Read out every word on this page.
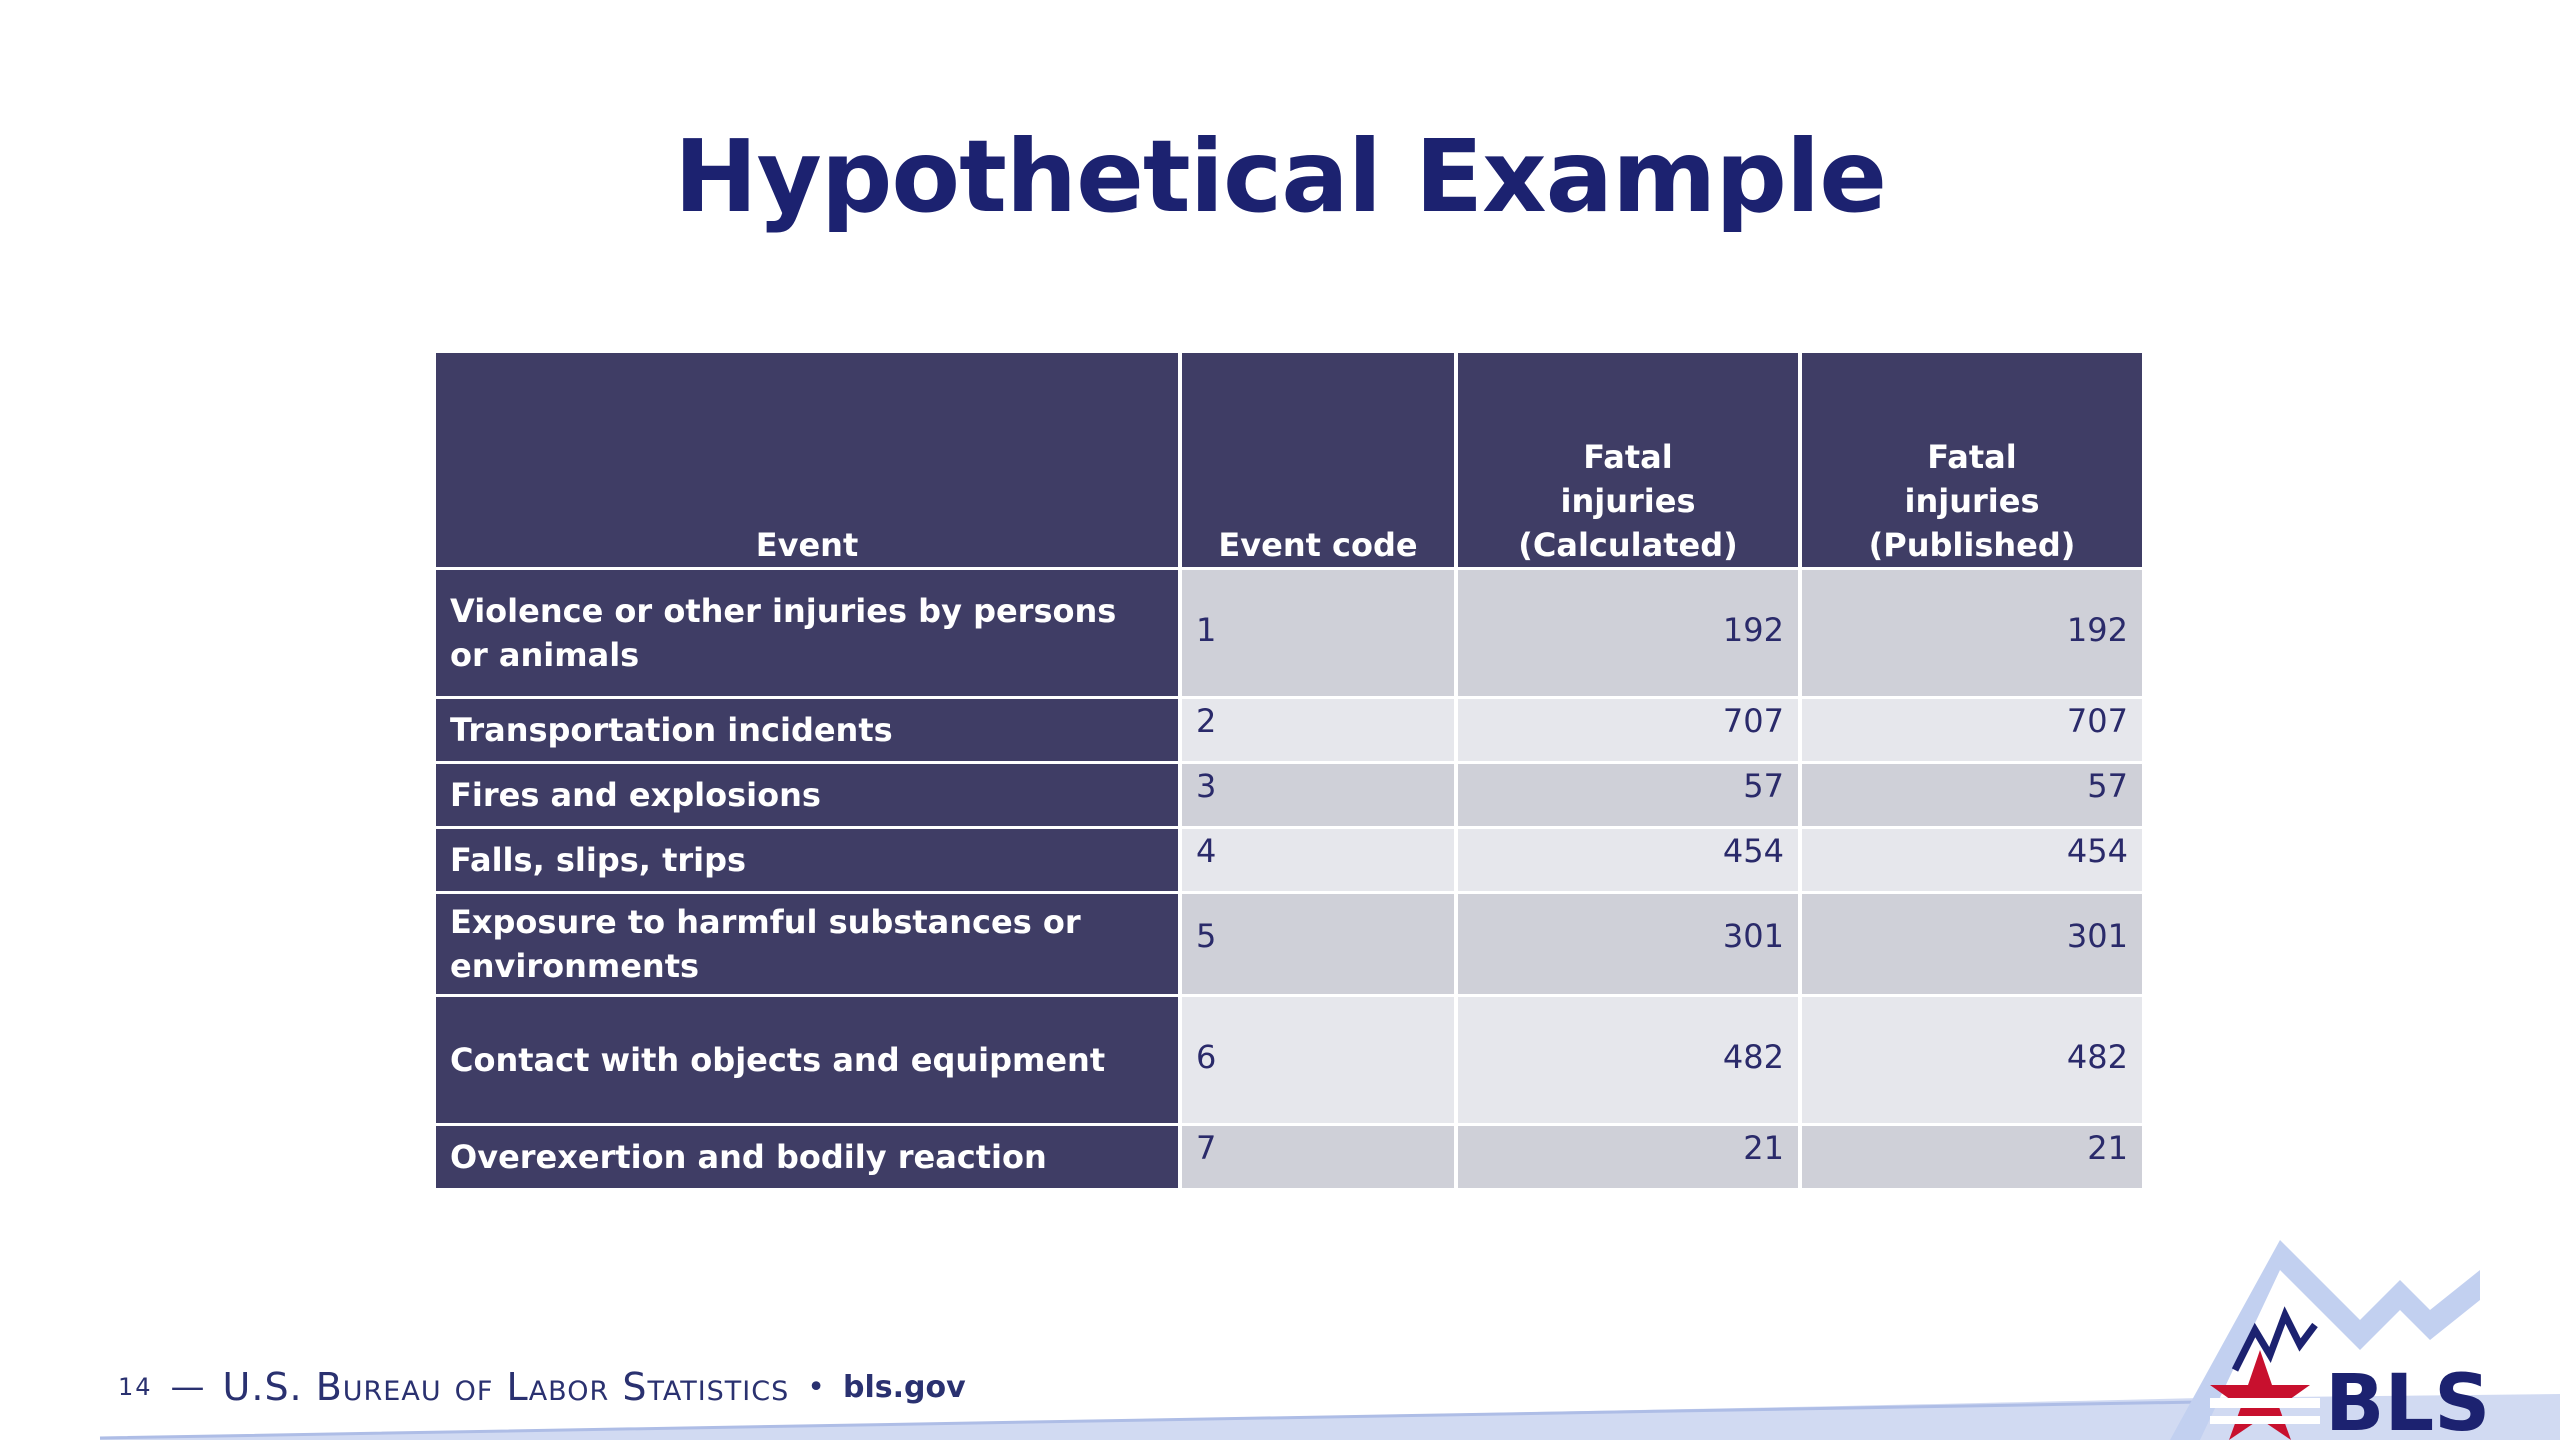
Hypothetical Example
Event	Event code	Fatal injuries (Calculated)	Fatal injuries (Published)
Violence or other injuries by persons or animals	1	192	192
Transportation incidents	2	707	707
Fires and explosions	3	57	57
Falls, slips, trips	4	454	454
Exposure to harmful substances or environments	5	301	301
Contact with objects and equipment	6	482	482
Overexertion and bodily reaction	7	21	21
14 — U.S. Bureau of Labor Statistics • bls.gov	BLS
